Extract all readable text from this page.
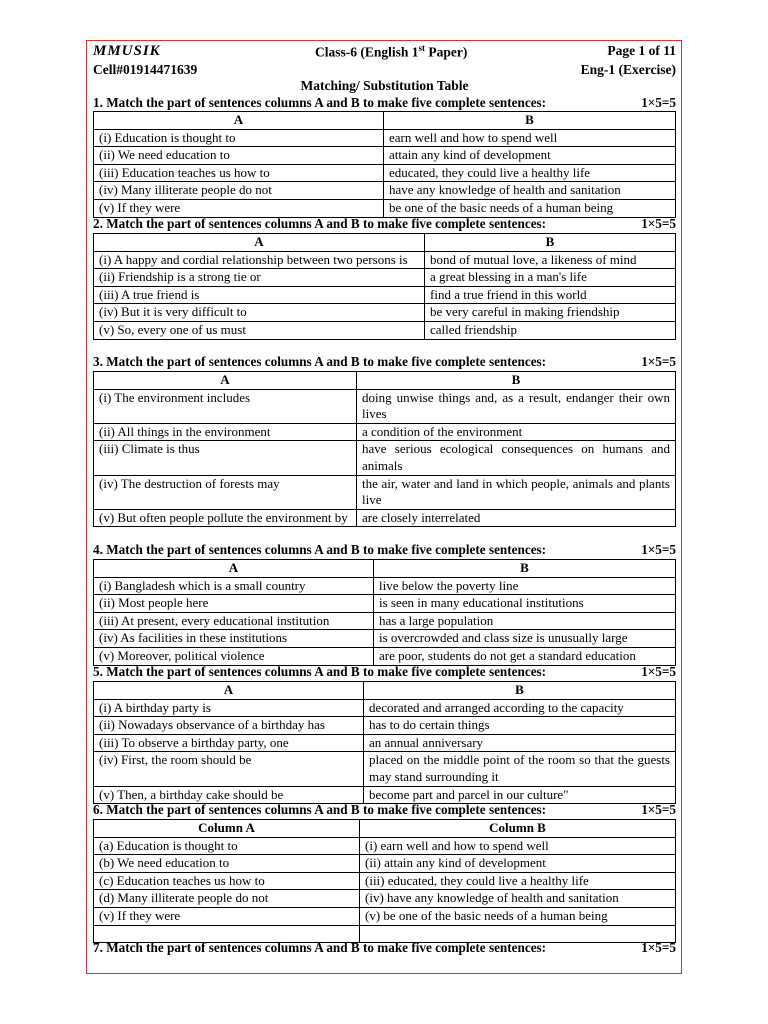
MMUSIK
Cell#01914471639
Class-6 (English 1st Paper)	Page 1 of 11
Eng-1 (Exercise)
Matching/ Substitution Table
1. Match the part of sentences columns A and B to make five complete sentences:	1×5=5
2. Match the part of sentences columns A and B to make five complete sentences:	1×5=5
3. Match the part of sentences columns A and B to make five complete sentences:	1×5=5
4. Match the part of sentences columns A and B to make five complete sentences:	1×5=5
5. Match the part of sentences columns A and B to make five complete sentences:	1×5=5
6. Match the part of sentences columns A and B to make five complete sentences:	1×5=5
7. Match the part of sentences columns A and B to make five complete sentences:	1×5=5
A	B
(i) Education is thought to	earn well and how to spend well
(ii) We need education to	attain any kind of development
(iii) Education teaches us how to	educated, they could live a healthy life
(iv) Many illiterate people do not	have any knowledge of health and sanitation
(v) If they were	be one of the basic needs of a human being
A	B
(i) A happy and cordial relationship between two persons is	bond of mutual love, a likeness of mind
(ii) Friendship is a strong tie or	a great blessing in a man's life
(iii) A true friend is	find a true friend in this world
(iv) But it is very difficult to	be very careful in making friendship
(v) So, every one of us must	called friendship
A	B
(i) The environment includes	doing unwise things and, as a result, endanger their own lives
(ii) All things in the environment	a condition of the environment
(iii) Climate is thus	have serious ecological consequences on humans and animals
(iv) The destruction of forests may	the air, water and land in which people, animals and plants live
(v) But often people pollute the environment by	are closely interrelated
A	B
(i) Bangladesh which is a small country	live below the poverty line
(ii) Most people here	is seen in many educational institutions
(iii) At present, every educational institution	has a large population
(iv) As facilities in these institutions	is overcrowded and class size is unusually large
(v) Moreover, political violence	are poor, students do not get a standard education
A	B
(i) A birthday party is	decorated and arranged according to the capacity
(ii) Nowadays observance of a birthday has	has to do certain things
(iii) To observe a birthday party, one	an annual anniversary
(iv) First, the room should be	placed on the middle point of the room so that the guests may stand surrounding it
(v) Then, a birthday cake should be	become part and parcel in our culture"
Column A	Column B
(a) Education is thought to	(i) earn well and how to spend well
(b) We need education to	(ii) attain any kind of development
(c) Education teaches us how to	(iii) educated, they could live a healthy life
(d) Many illiterate people do not	(iv) have any knowledge of health and sanitation
(v) If they were	(v) be one of the basic needs of a human being
